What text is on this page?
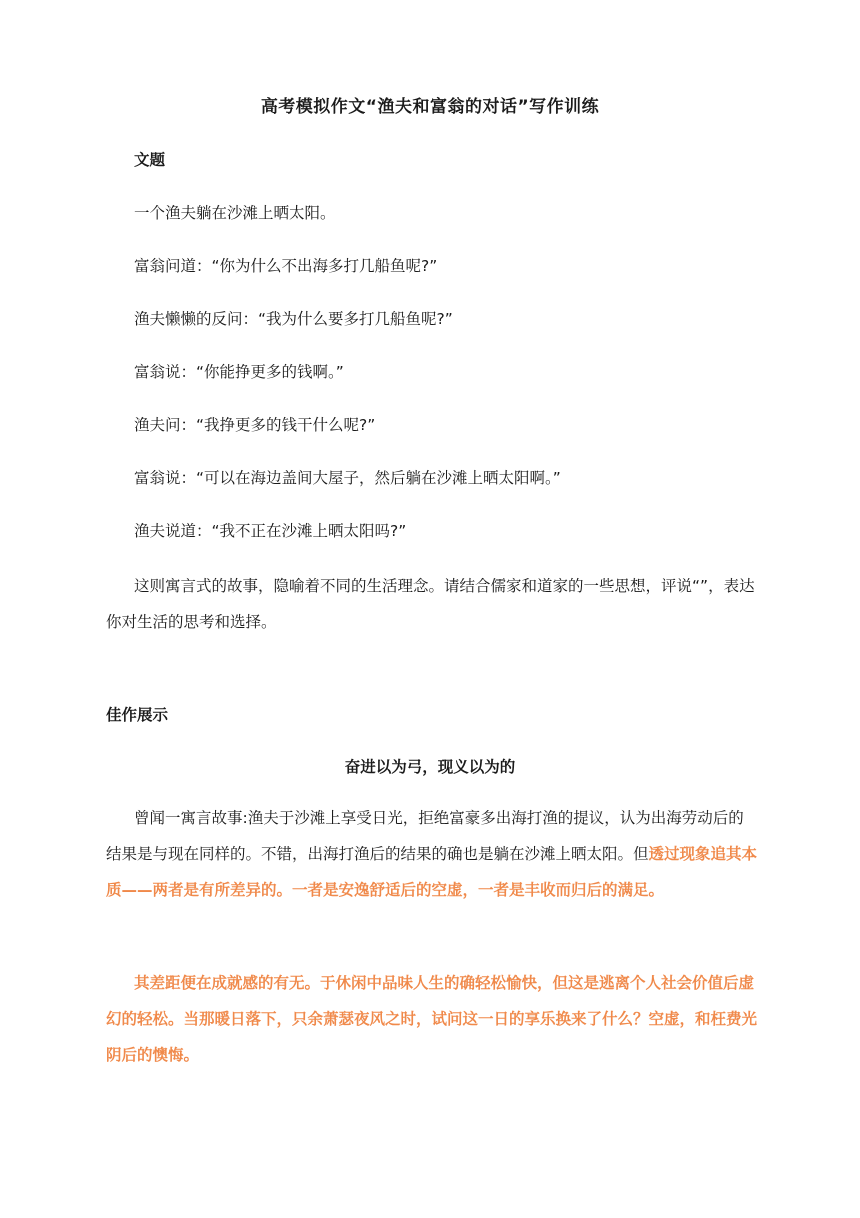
高考模拟作文“渔夫和富翁的对话”写作训练
文题
一个渔夫躺在沙滩上晒太阳。
富翁问道：“你为什么不出海多打几船鱼呢?”
渔夫懒懒的反问：“我为什么要多打几船鱼呢?”
富翁说：“你能挣更多的钱啊。”
渔夫问：“我挣更多的钱干什么呢?”
富翁说：“可以在海边盖间大屋子，然后躺在沙滩上晒太阳啊。”
渔夫说道：“我不正在沙滩上晒太阳吗?”
这则寓言式的故事，隐喻着不同的生活理念。请结合儒家和道家的一些思想，评说“”，表达你对生活的思考和选择。
佳作展示
奋进以为弓，现义以为的
曾闻一寓言故事:渔夫于沙滩上享受日光，拒绝富豪多出海打渔的提议，认为出海劳动后的结果是与现在同样的。不错，出海打渔后的结果的确也是躺在沙滩上晒太阳。但透过现象追其本质——两者是有所差异的。一者是安逸舒适后的空虚，一者是丰收而归后的满足。
其差距便在成就感的有无。于休闲中品味人生的确轻松愉快，但这是逃离个人社会价值后虚幻的轻松。当那暖日落下，只余萧瑟夜风之时，试问这一日的享乐换来了什么？空虚，和枉费光阴后的懊悔。
